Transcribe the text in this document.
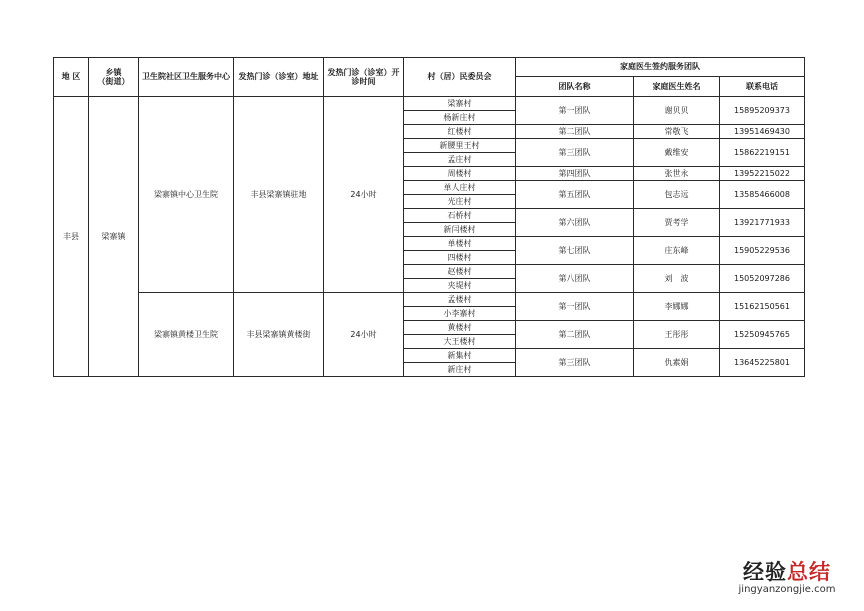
地 区	乡镇
（街道）	卫生院社区卫生服务中心	发热门诊（诊室）地址	发热门诊（诊室）开诊时间	村（居）民委员会	家庭医生签约服务团队		
						团队名称	家庭医生姓名	联系电话
丰县	梁寨镇	梁寨镇中心卫生院	丰县梁寨镇驻地	24小时	梁寨村	第一团队	谢贝贝	15895209373
					杨新庄村			
					红楼村	第二团队	常敬飞	13951469430
					新腰里王村	第三团队	戴维安	15862219151
					孟庄村			
					周楼村	第四团队	张世永	13952215022
					单人庄村	第五团队	包志远	13585466008
					光庄村			
					石桥村	第六团队	贾考学	13921771933
					新闫楼村			
					单楼村	第七团队	庄东峰	15905229536
					四楼村			
					赵楼村	第八团队	刘　波	15052097286
					夹堤村			
		梁寨镇黄楼卫生院	丰县梁寨镇黄楼街	24小时	孟楼村	第一团队	李娜娜	15162150561
					小李寨村			
					黄楼村	第二团队	王彤彤	15250945765
					大王楼村			
					新集村	第三团队	仇素娟	13645225801
					新庄村			
经验总结
jingyanzongjie.com
